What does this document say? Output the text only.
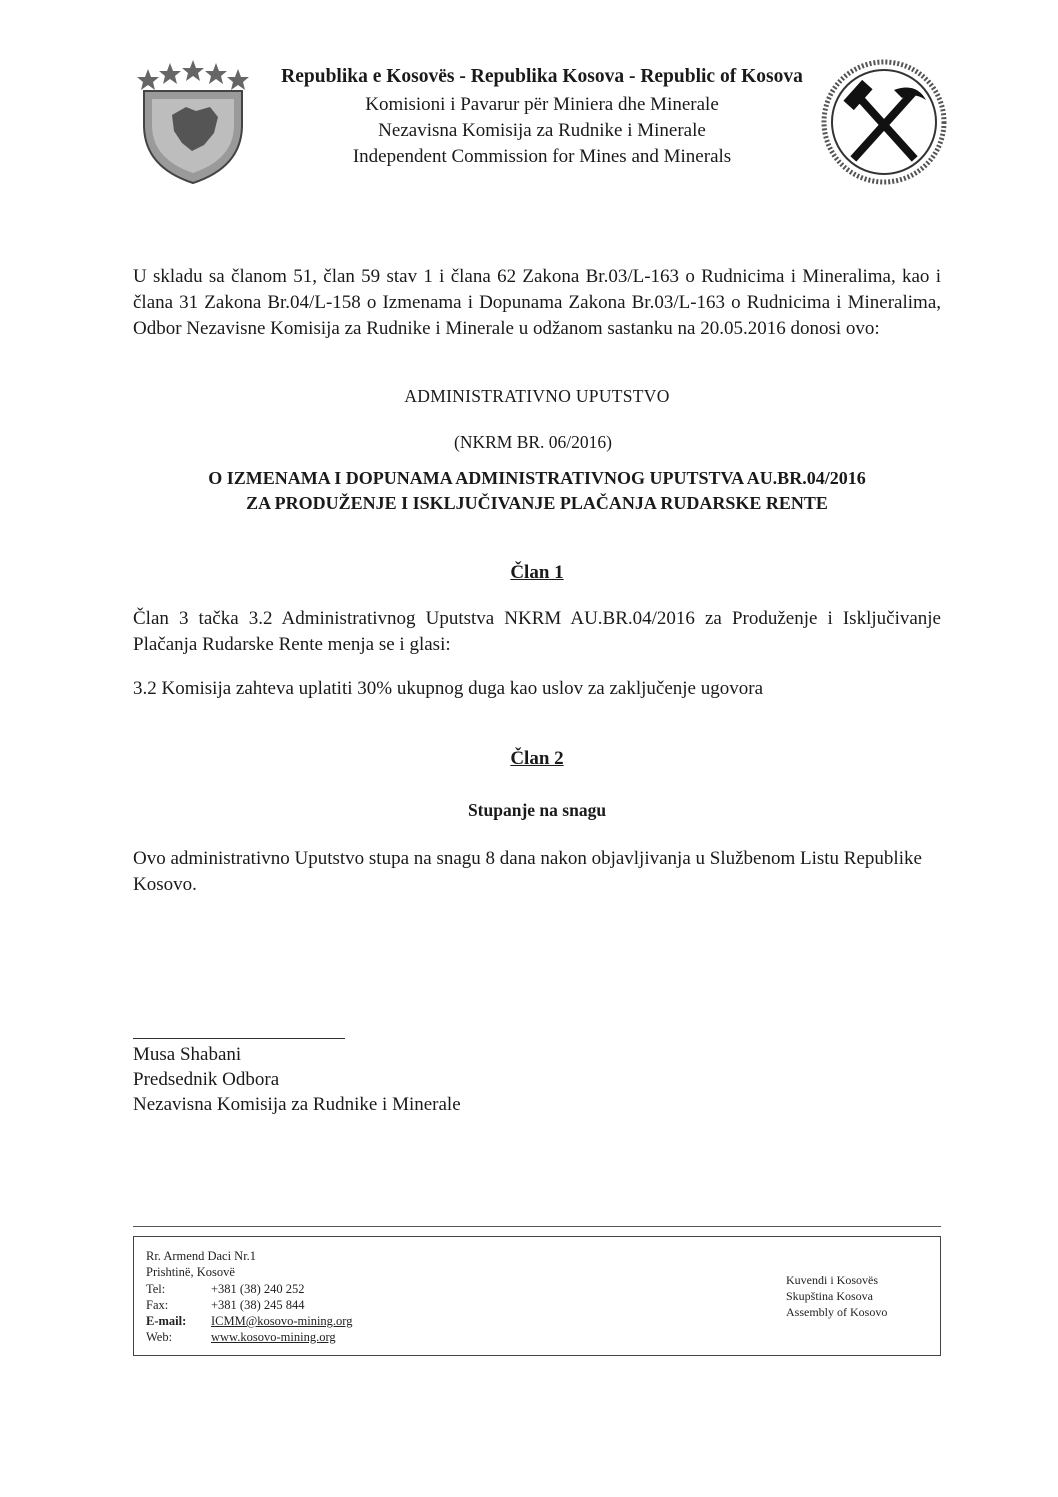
Republika e Kosovës - Republika Kosova - Republic of Kosova
Komisioni i Pavarur për Miniera dhe Minerale
Nezavisna Komisija za Rudnike i Minerale
Independent Commission for Mines and Minerals

U skladu sa članom 51, član 59 stav 1 i člana 62 Zakona Br.03/L-163 o Rudnicima i Mineralima, kao i člana 31 Zakona Br.04/L-158 o Izmenama i Dopunama Zakona Br.03/L-163 o Rudnicima i Mineralima, Odbor Nezavisne Komisija za Rudnike i Minerale u odžanom sastanku na 20.05.2016 donosi ovo:

ADMINISTRATIVNO UPUTSTVO

(NKRM BR. 06/2016)

O IZMENAMA I DOPUNAMA ADMINISTRATIVNOG UPUTSTVA AU.BR.04/2016
ZA PRODUŽENJE I ISKLJUČIVANJE PLAČANJA RUDARSKE RENTE

Član 1

Član 3 tačka 3.2 Administrativnog Uputstva NKRM AU.BR.04/2016 za Produženje i Isključivanje Plačanja Rudarske Rente menja se i glasi:

3.2 Komisija zahteva uplatiti 30% ukupnog duga kao uslov za zaključenje ugovora

Član 2

Stupanje na snagu

Ovo administrativno Uputstvo stupa na snagu 8 dana nakon objavljivanja u Službenom Listu Republike Kosovo.

Musa Shabani
Predsednik Odbora
Nezavisna Komisija za Rudnike i Minerale
Rr. Armend Daci Nr.1
Prishtinë, Kosovë
Tel:	+381 (38) 240 252
Fax:	+381 (38) 245 844
E-mail: ICMM@kosovo-mining.org
Web:	www.kosovo-mining.org
Kuvendi i Kosovës
Skupština Kosova
Assembly of Kosovo
